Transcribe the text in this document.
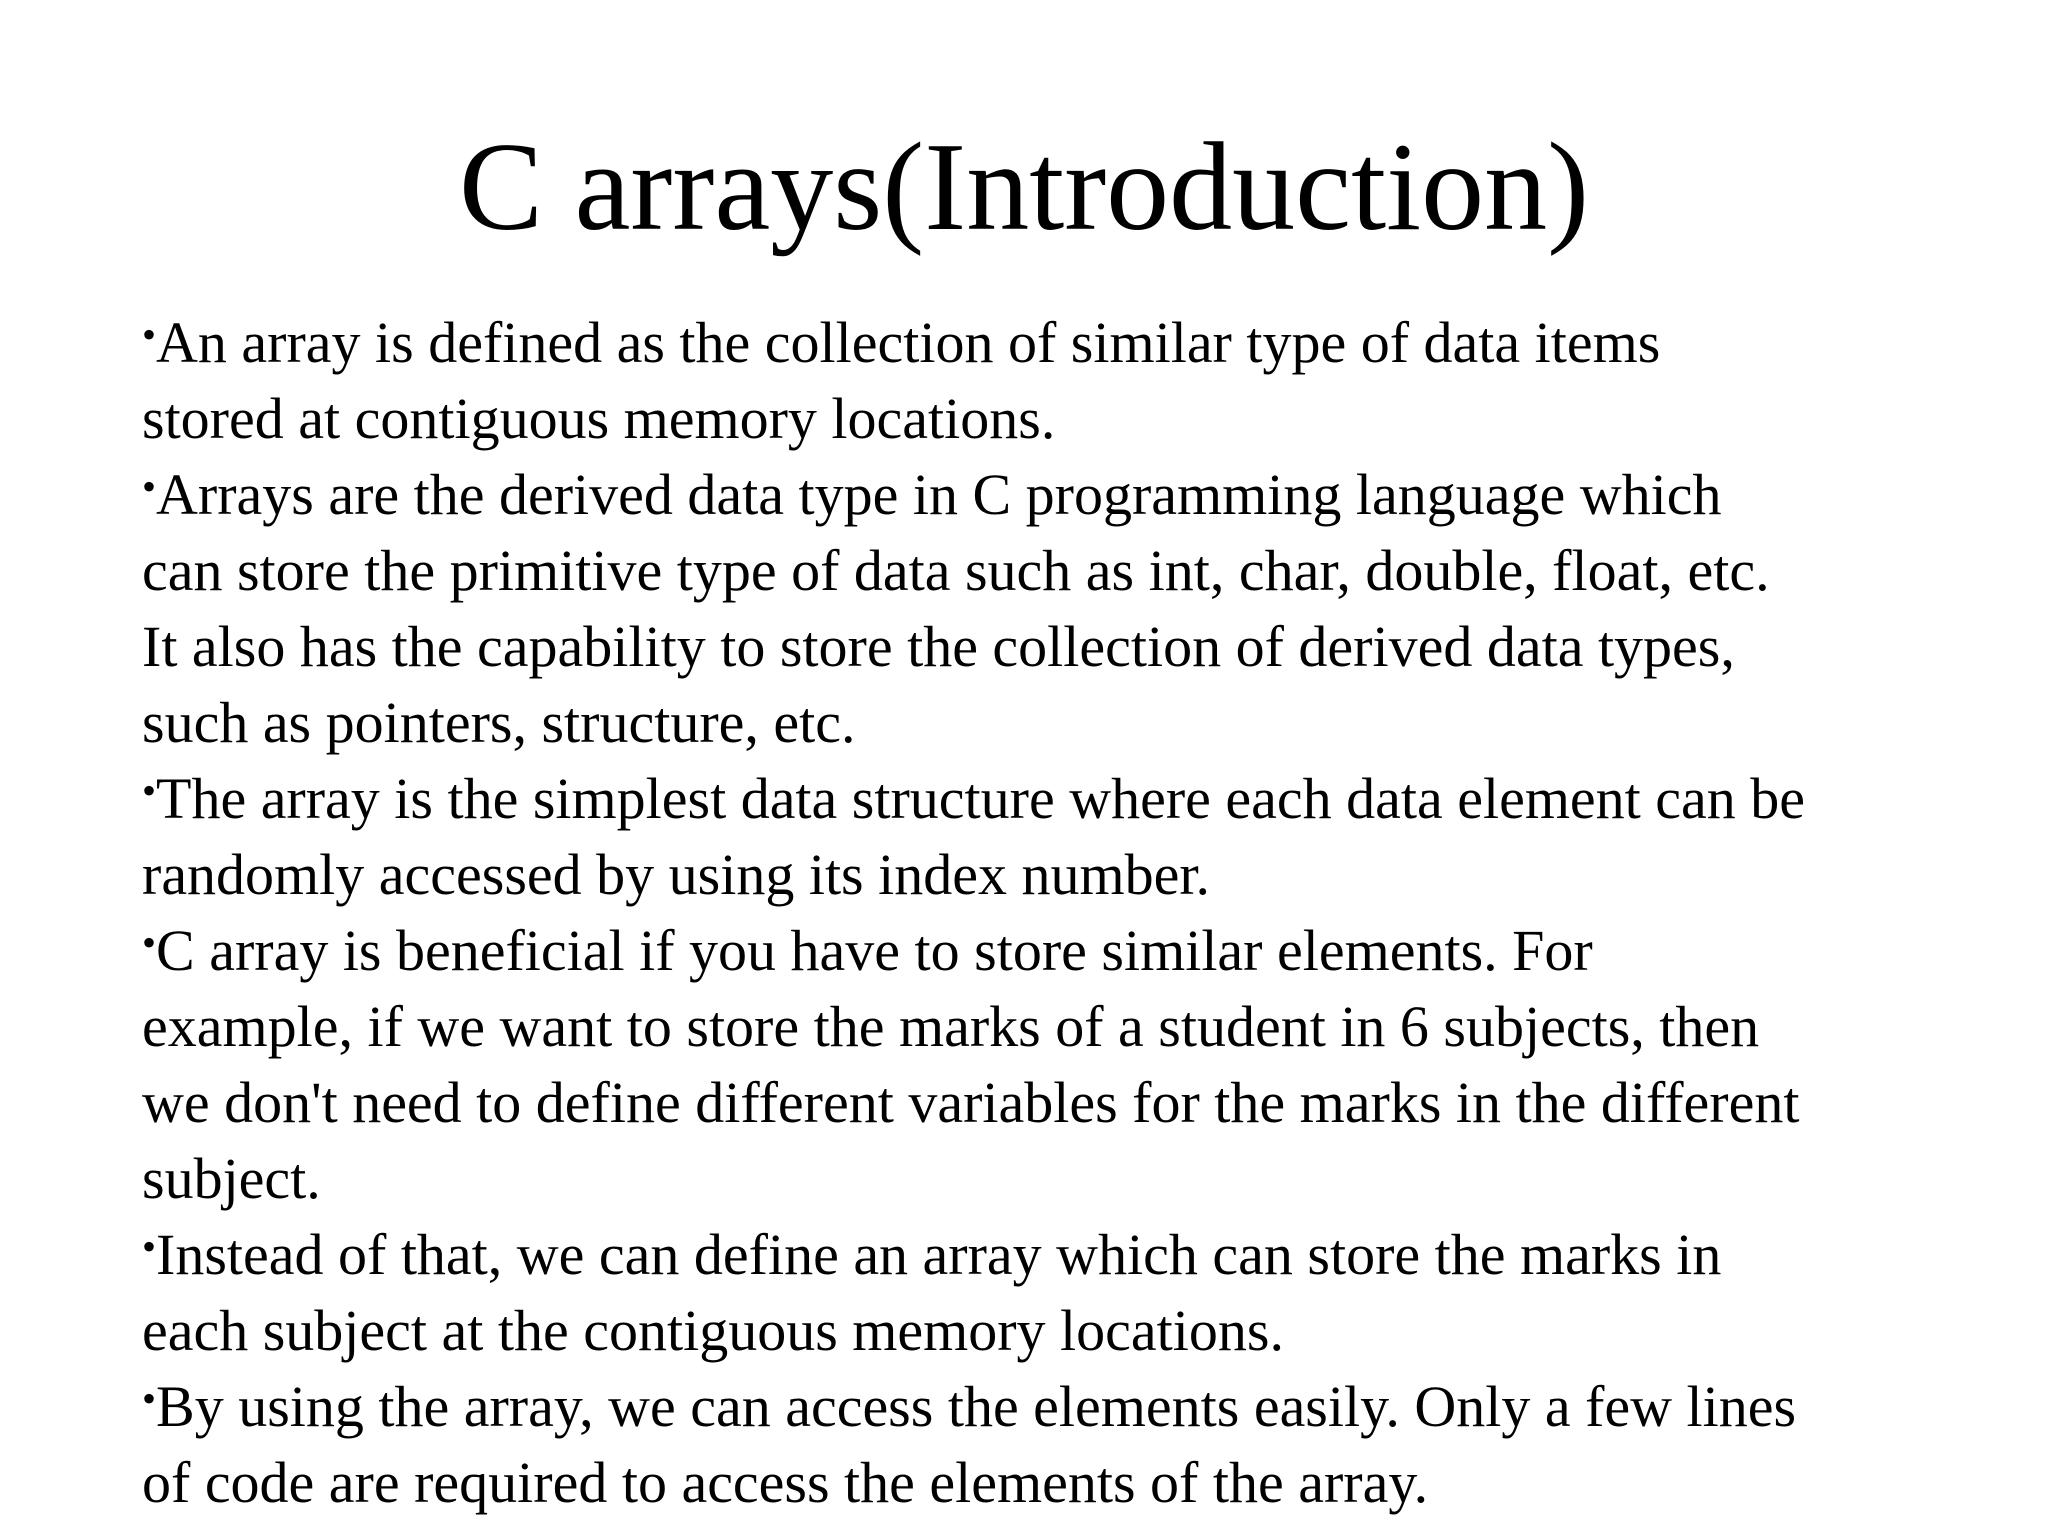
C arrays(Introduction)
•An array is defined as the collection of similar type of data items
stored at contiguous memory locations.
•Arrays are the derived data type in C programming language which
can store the primitive type of data such as int, char, double, float, etc.
It also has the capability to store the collection of derived data types,
such as pointers, structure, etc.
•The array is the simplest data structure where each data element can be
randomly accessed by using its index number.
•C array is beneficial if you have to store similar elements. For
example, if we want to store the marks of a student in 6 subjects, then
we don't need to define different variables for the marks in the different
subject.
•Instead of that, we can define an array which can store the marks in
each subject at the contiguous memory locations.
•By using the array, we can access the elements easily. Only a few lines
of code are required to access the elements of the array.
